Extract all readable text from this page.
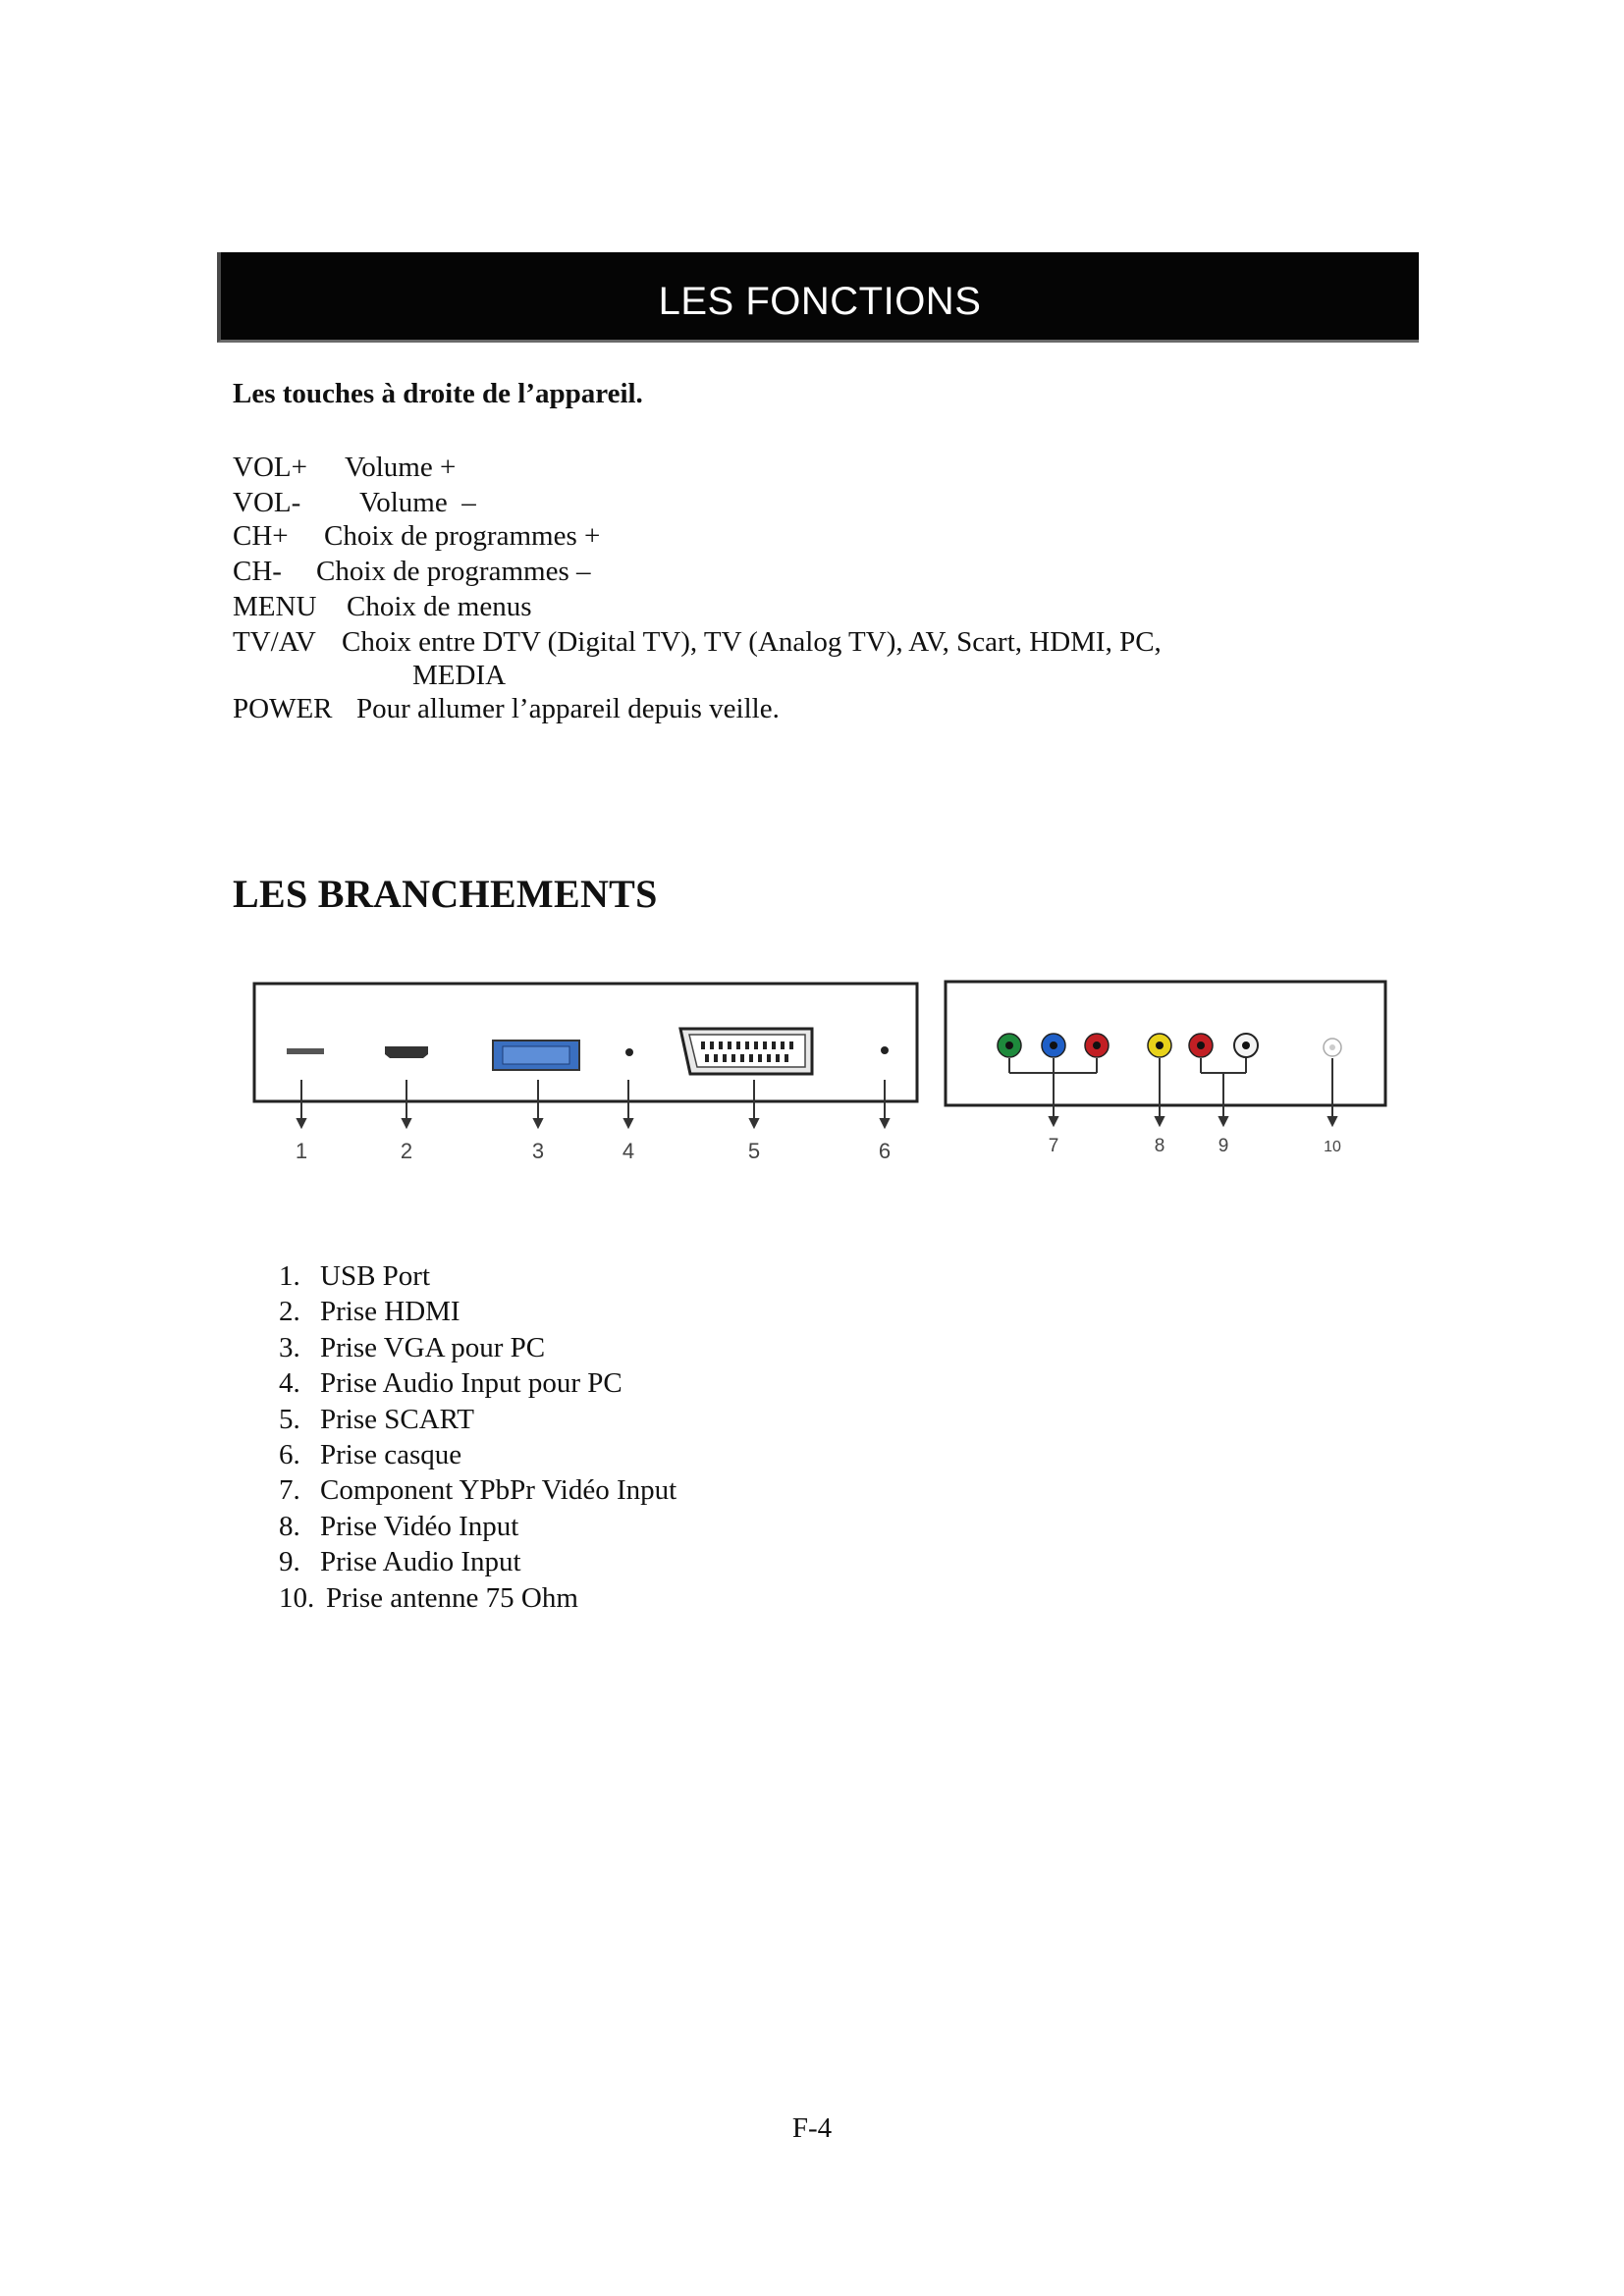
LES FONCTIONS
Les touches à droite de l’appareil.
VOL+ Volume +
VOL- Volume  –
CH+ Choix de programmes +
CH- Choix de programmes –
MENU Choix de menus
TV/AV Choix entre DTV (Digital TV), TV (Analog TV), AV, Scart, HDMI, PC,
MEDIA
POWER Pour allumer l’appareil depuis veille.
LES BRANCHEMENTS
1	2	3	4	5	6	7	8	9	10
1. USB Port
2. Prise HDMI
3. Prise VGA pour PC
4. Prise Audio Input pour PC
5. Prise SCART
6. Prise casque
7. Component YPbPr Vidéo Input
8. Prise Vidéo Input
9. Prise Audio Input
10. Prise antenne 75 Ohm
F-4
